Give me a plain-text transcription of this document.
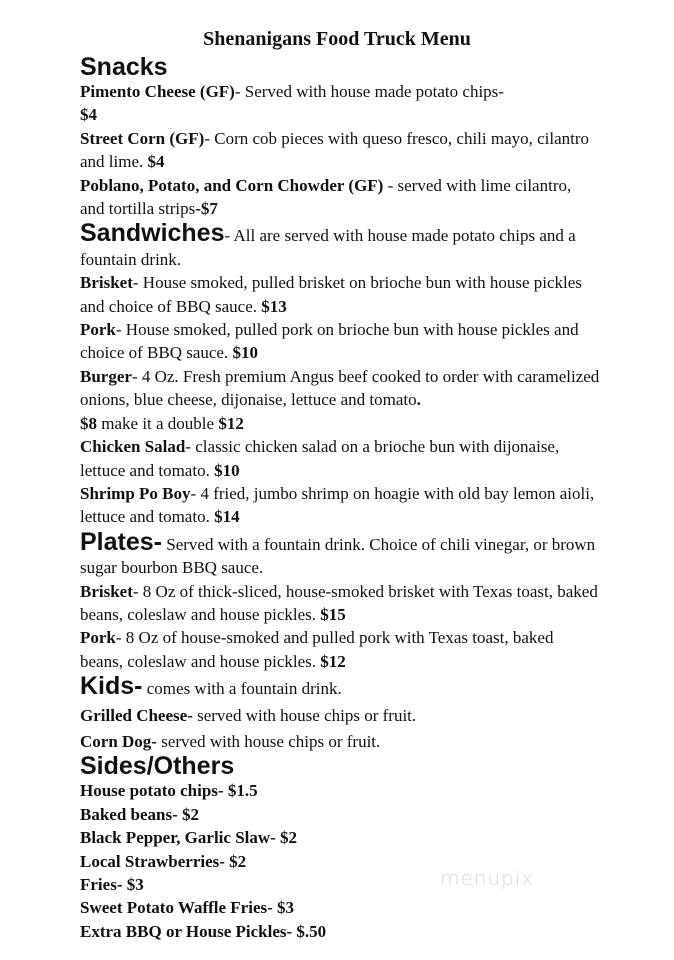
Shenanigans Food Truck Menu
Snacks

Pimento Cheese (GF)- Served with house made potato chips-
$4

Street Corn (GF)- Corn cob pieces with queso fresco, chili mayo, cilantro and lime. $4

Poblano, Potato, and Corn Chowder (GF) - served with lime cilantro, and tortilla strips-$7

Sandwiches- All are served with house made potato chips and a fountain drink.

Brisket- House smoked, pulled brisket on brioche bun with house pickles and choice of BBQ sauce. $13

Pork- House smoked, pulled pork on brioche bun with house pickles and choice of BBQ sauce. $10

Burger- 4 Oz. Fresh premium Angus beef cooked to order with caramelized onions, blue cheese, dijonaise, lettuce and tomato.
$8 make it a double $12

Chicken Salad- classic chicken salad on a brioche bun with dijonaise, lettuce and tomato. $10

Shrimp Po Boy- 4 fried, jumbo shrimp on hoagie with old bay lemon aioli, lettuce and tomato. $14

Plates- Served with a fountain drink. Choice of chili vinegar, or brown sugar bourbon BBQ sauce.

Brisket- 8 Oz of thick-sliced, house-smoked brisket with Texas toast, baked beans, coleslaw and house pickles. $15

Pork- 8 Oz of house-smoked and pulled pork with Texas toast, baked beans, coleslaw and house pickles. $12

Kids- comes with a fountain drink.

Grilled Cheese- served with house chips or fruit.

Corn Dog- served with house chips or fruit.

Sides/Others

House potato chips- $1.5

Baked beans- $2

Black Pepper, Garlic Slaw- $2

Local Strawberries- $2

Fries- $3

Sweet Potato Waffle Fries- $3

Extra BBQ or House Pickles- $.50

menupix
